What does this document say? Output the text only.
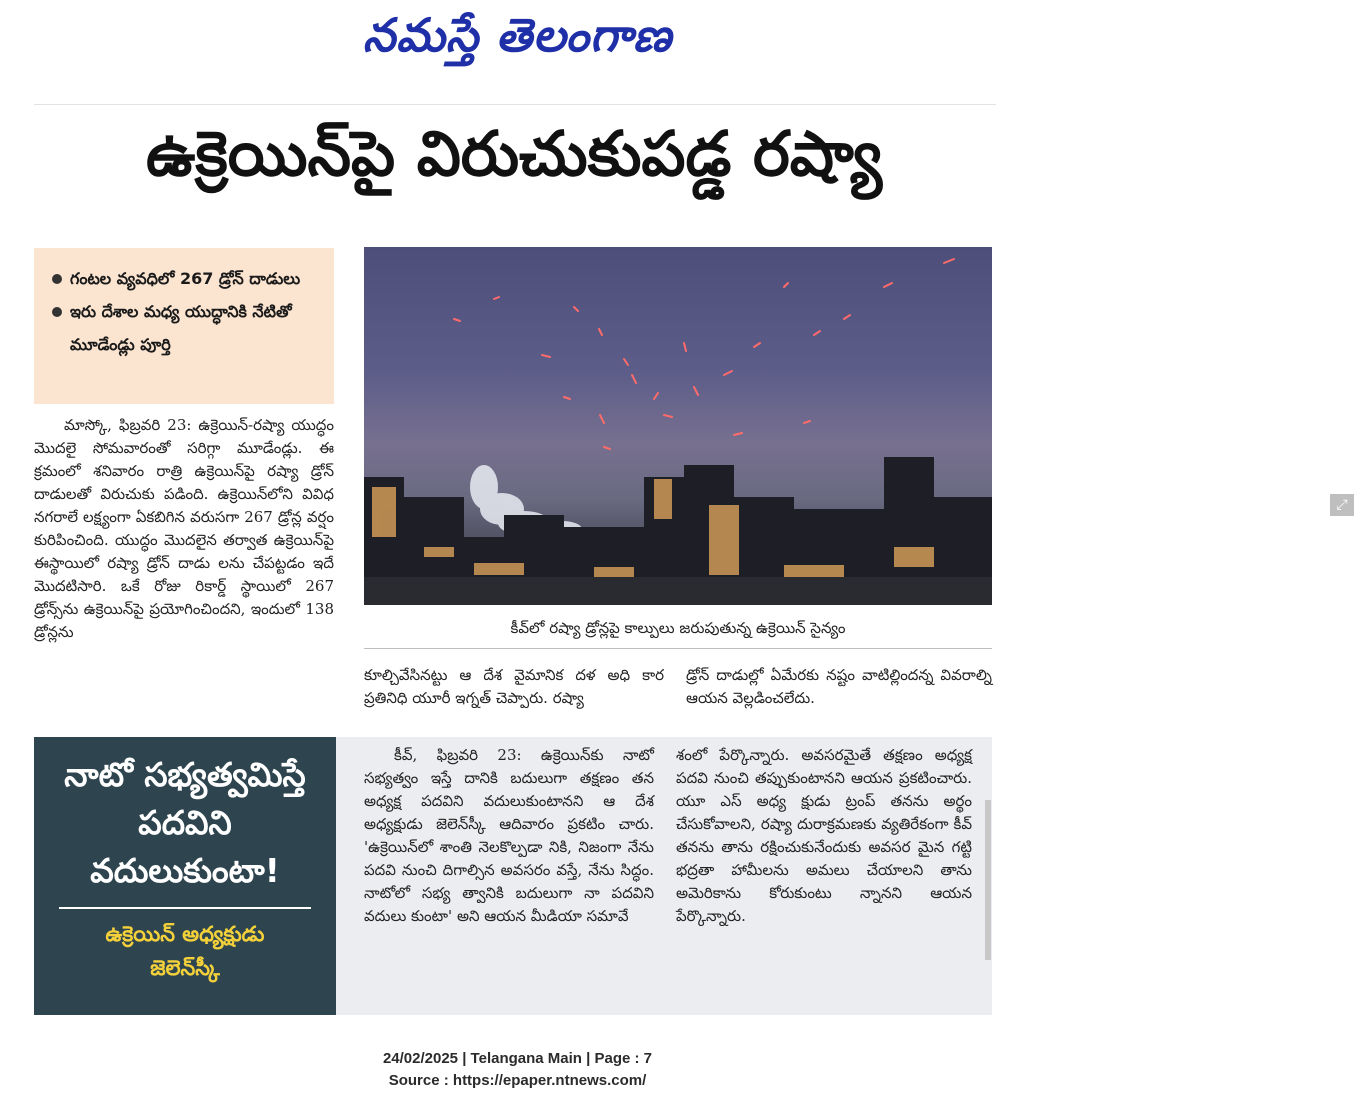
నమస్తే తెలంగాణ
ఉక్రెయిన్‌పై విరుచుకుపడ్డ రష్యా
గంటల వ్యవధిలో 267 డ్రోన్ దాడులు
ఇరు దేశాల మధ్య యుద్ధానికి నేటితో మూడేండ్లు పూర్తి
⤢
కీవ్‌లో రష్యా డ్రోన్లపై కాల్పులు జరుపుతున్న ఉక్రెయిన్ సైన్యం

మాస్కో, ఫిబ్రవరి 23: ఉక్రెయిన్-రష్యా యుద్ధం మొదలై సోమవారంతో సరిగ్గా మూడేండ్లు. ఈ క్రమంలో శనివారం రాత్రి ఉక్రెయిన్‌పై రష్యా డ్రోన్ దాడులతో విరుచుకు పడింది. ఉక్రెయిన్‌లోని వివిధ నగరాలే లక్ష్యంగా ఏకబిగిన వరుసగా 267 డ్రోన్ల వర్షం కురిపించింది. యుద్ధం మొదలైన తర్వాత ఉక్రెయిన్‌పై ఈస్థాయిలో రష్యా డ్రోన్ దాడు లను చేపట్టడం ఇదే మొదటిసారి. ఒకే రోజు రికార్డ్ స్థాయిలో 267 డ్రోన్స్‌ను ఉక్రెయిన్‌పై ప్రయోగించిందని, ఇందులో 138 డ్రోన్లను

కూల్చివేసినట్టు ఆ దేశ వైమానిక దళ అధి కార ప్రతినిధి యూరీ ఇగ్నత్ చెప్పారు. రష్యా

డ్రోన్ దాడుల్లో ఏమేరకు నష్టం వాటిల్లిందన్న వివరాల్ని ఆయన వెల్లడించలేదు.

నాటో సభ్యత్వమిస్తే
పదవిని
వదులుకుంటా!
ఉక్రెయిన్ అధ్యక్షుడు
జెలెన్‌స్కీ

కీవ్, ఫిబ్రవరి 23: ఉక్రెయిన్‌కు నాటో సభ్యత్వం ఇస్తే దానికి బదులుగా తక్షణం తన అధ్యక్ష పదవిని వదులుకుంటానని ఆ దేశ అధ్యక్షుడు జెలెన్‌స్కీ ఆదివారం ప్రకటిం చారు. 'ఉక్రెయిన్‌లో శాంతి నెలకొల్పడా నికి, నిజంగా నేను పదవి నుంచి దిగాల్సిన అవసరం వస్తే, నేను సిద్ధం. నాటోలో సభ్య త్వానికి బదులుగా నా పదవిని వదులు కుంటా' అని ఆయన మీడియా సమావే

శంలో పేర్కొన్నారు. అవసరమైతే తక్షణం అధ్యక్ష పదవి నుంచి తప్పుకుంటానని ఆయన ప్రకటించారు. యూ ఎస్ అధ్య క్షుడు ట్రంప్ తనను అర్థం చేసుకోవాలని, రష్యా దురాక్రమణకు వ్యతిరేకంగా కీవ్ తనను తాను రక్షించుకునేందుకు అవసర మైన గట్టి భద్రతా హామీలను అమలు చేయాలని తాను అమెరికాను కోరుకుంటు న్నానని ఆయన పేర్కొన్నారు.

24/02/2025 | Telangana Main | Page : 7
Source : https://epaper.ntnews.com/
